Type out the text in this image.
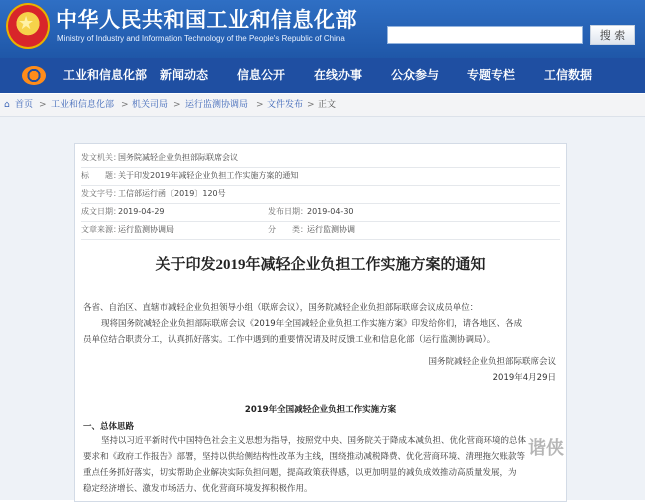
★ 中华人民共和国工业和信息化部
Ministry of Industry and Information Technology of the People's Republic of China	搜 索
工业和信息化部 新闻动态 信息公开 在线办事 公众参与 专题专栏 工信数据
⌂ 首页 > 工业和信息化部 > 机关司局 > 运行监测协调局 > 文件发布 > 正文
发文机关：
国务院减轻企业负担部际联席会议
标　　题：
关于印发2019年减轻企业负担工作实施方案的通知
发文字号：
工信部运行函〔2019〕120号
成文日期：
2019-04-29	发布日期： 2019-04-30
文章来源：
运行监测协调局	分　　类： 运行监测协调
关于印发2019年减轻企业负担工作实施方案的通知
各省、自治区、直辖市减轻企业负担领导小组（联席会议），国务院减轻企业负担部际联席会议成员单位：
现将国务院减轻企业负担部际联席会议《2019年全国减轻企业负担工作实施方案》印发给你们，请各地区、各成
员单位结合职责分工，认真抓好落实。工作中遇到的重要情况请及时反馈工业和信息化部（运行监测协调局）。
国务院减轻企业负担部际联席会议
2019年4月29日
2019年全国减轻企业负担工作实施方案
一、总体思路
坚持以习近平新时代中国特色社会主义思想为指导，按照党中央、国务院关于降成本减负担、优化营商环境的总体
要求和《政府工作报告》部署，坚持以供给侧结构性改革为主线，围绕推动减税降费、优化营商环境、清理拖欠账款等
重点任务抓好落实，切实帮助企业解决实际负担问题，提高政策获得感，以更加明显的减负成效推动高质量发展，为
稳定经济增长、激发市场活力、优化营商环境发挥积极作用。
谐侠
